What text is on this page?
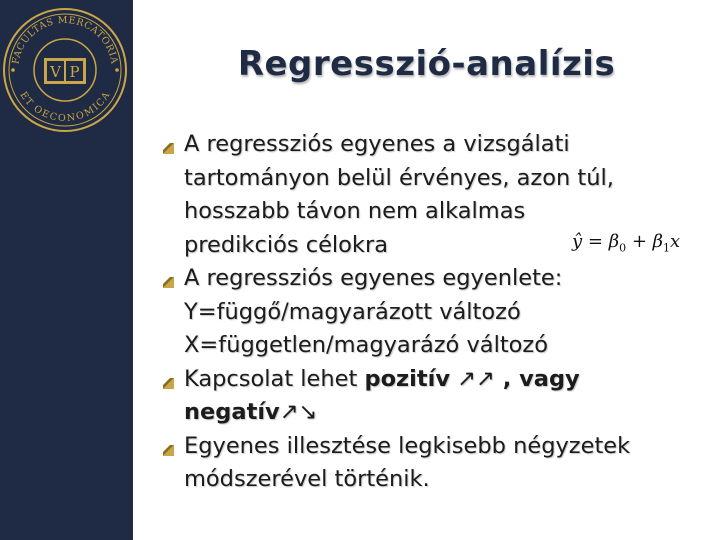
FACULTAS MERCATORIA
ET OECONOMICA
V P	Regresszió-analízis
A regressziós egyenes a vizsgálati
tartományon belül érvényes, azon túl,
hosszabb távon nem alkalmas
predikciós célokra
A regressziós egyenes egyenlete:
Y=függő/magyarázott változó
X=független/magyarázó változó
Kapcsolat lehet pozitív ↗↗ , vagy
negatív↗↘
Egyenes illesztése legkisebb négyzetek
módszerével történik.
ŷ = $\beta_0 + \beta_1x$
